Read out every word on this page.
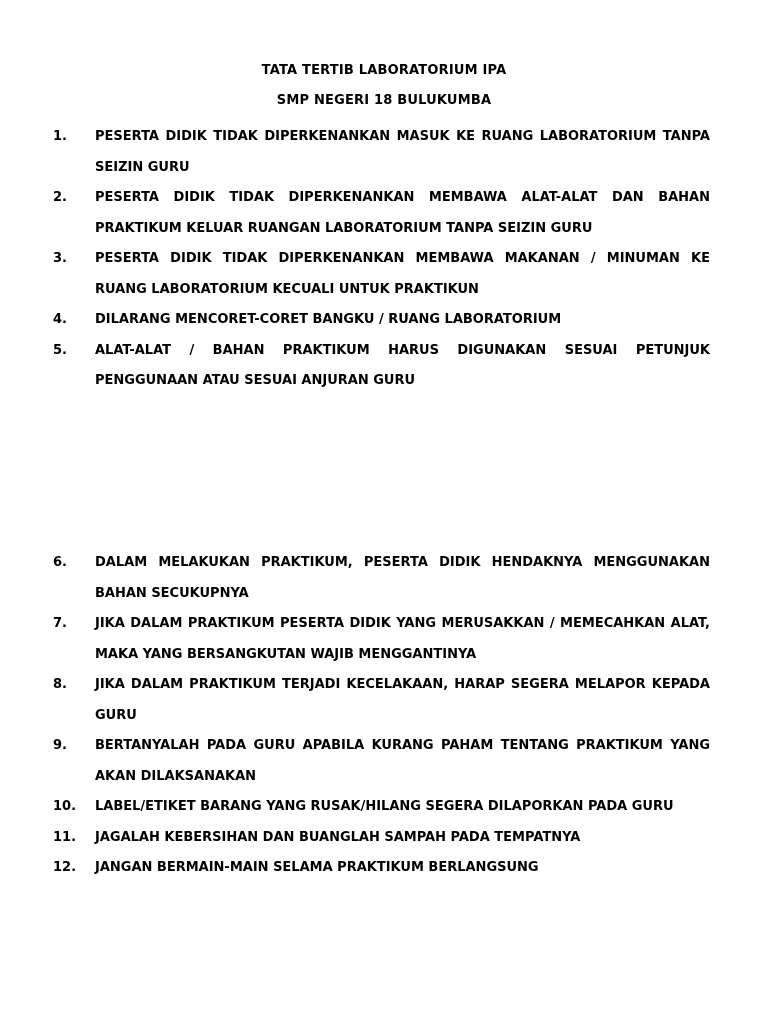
TATA TERTIB LABORATORIUM IPA
SMP NEGERI 18 BULUKUMBA
1.	PESERTA DIDIK TIDAK DIPERKENANKAN MASUK KE RUANG LABORATORIUM TANPA SEIZIN GURU
2.	PESERTA DIDIK TIDAK DIPERKENANKAN MEMBAWA ALAT-ALAT DAN BAHAN PRAKTIKUM KELUAR RUANGAN LABORATORIUM TANPA SEIZIN GURU
3.	PESERTA DIDIK TIDAK DIPERKENANKAN MEMBAWA MAKANAN / MINUMAN KE RUANG LABORATORIUM KECUALI UNTUK PRAKTIKUN
4.	DILARANG MENCORET-CORET BANGKU / RUANG LABORATORIUM
5.	ALAT-ALAT / BAHAN PRAKTIKUM HARUS DIGUNAKAN SESUAI PETUNJUK PENGGUNAAN ATAU SESUAI ANJURAN GURU
6.	DALAM MELAKUKAN PRAKTIKUM, PESERTA DIDIK HENDAKNYA MENGGUNAKAN BAHAN SECUKUPNYA
7.	JIKA DALAM PRAKTIKUM PESERTA DIDIK YANG MERUSAKKAN / MEMECAHKAN ALAT, MAKA YANG BERSANGKUTAN WAJIB MENGGANTINYA
8.	JIKA DALAM PRAKTIKUM TERJADI KECELAKAAN, HARAP SEGERA MELAPOR KEPADA GURU
9.	BERTANYALAH PADA GURU APABILA KURANG PAHAM TENTANG PRAKTIKUM YANG AKAN DILAKSANAKAN
10.	LABEL/ETIKET BARANG YANG RUSAK/HILANG SEGERA DILAPORKAN PADA GURU
11.	JAGALAH KEBERSIHAN DAN BUANGLAH SAMPAH PADA TEMPATNYA
12.	JANGAN BERMAIN-MAIN SELAMA PRAKTIKUM BERLANGSUNG
